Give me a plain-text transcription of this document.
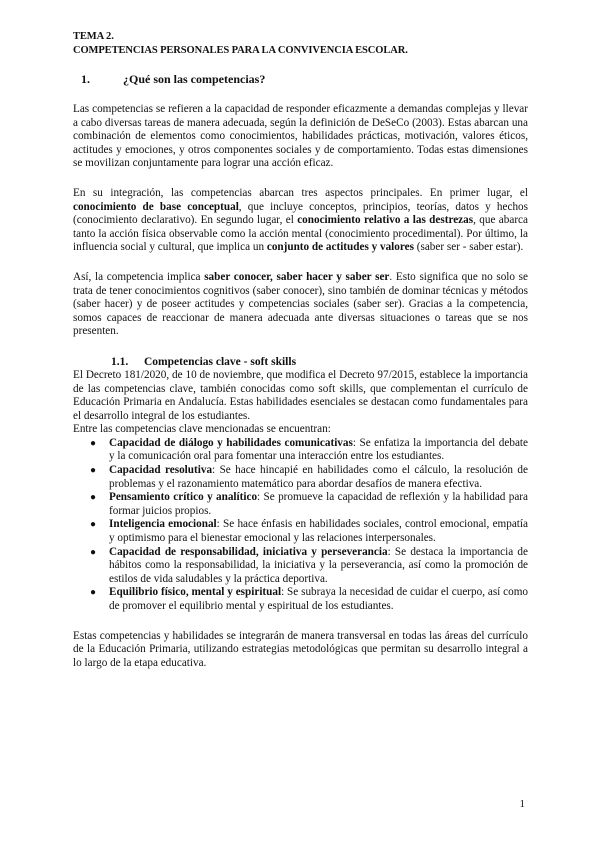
TEMA 2.
COMPETENCIAS PERSONALES PARA LA CONVIVENCIA ESCOLAR.
1.	¿Qué son las competencias?

Las competencias se refieren a la capacidad de responder eficazmente a demandas complejas y llevar a cabo diversas tareas de manera adecuada, según la definición de DeSeCo (2003). Estas abarcan una combinación de elementos como conocimientos, habilidades prácticas, motivación, valores éticos, actitudes y emociones, y otros componentes sociales y de comportamiento. Todas estas dimensiones se movilizan conjuntamente para lograr una acción eficaz.

En su integración, las competencias abarcan tres aspectos principales. En primer lugar, el conocimiento de base conceptual, que incluye conceptos, principios, teorías, datos y hechos (conocimiento declarativo). En segundo lugar, el conocimiento relativo a las destrezas, que abarca tanto la acción física observable como la acción mental (conocimiento procedimental). Por último, la influencia social y cultural, que implica un conjunto de actitudes y valores (saber ser - saber estar).

Así, la competencia implica saber conocer, saber hacer y saber ser. Esto significa que no solo se trata de tener conocimientos cognitivos (saber conocer), sino también de dominar técnicas y métodos (saber hacer) y de poseer actitudes y competencias sociales (saber ser). Gracias a la competencia, somos capaces de reaccionar de manera adecuada ante diversas situaciones o tareas que se nos presenten.

1.1.	Competencias clave - soft skills

El Decreto 181/2020, de 10 de noviembre, que modifica el Decreto 97/2015, establece la importancia de las competencias clave, también conocidas como soft skills, que complementan el currículo de Educación Primaria en Andalucía. Estas habilidades esenciales se destacan como fundamentales para el desarrollo integral de los estudiantes.

Entre las competencias clave mencionadas se encuentran:

● Capacidad de diálogo y habilidades comunicativas: Se enfatiza la importancia del debate y la comunicación oral para fomentar una interacción entre los estudiantes.
● Capacidad resolutiva: Se hace hincapié en habilidades como el cálculo, la resolución de problemas y el razonamiento matemático para abordar desafíos de manera efectiva.
● Pensamiento crítico y analítico: Se promueve la capacidad de reflexión y la habilidad para formar juicios propios.
● Inteligencia emocional: Se hace énfasis en habilidades sociales, control emocional, empatía y optimismo para el bienestar emocional y las relaciones interpersonales.
● Capacidad de responsabilidad, iniciativa y perseverancia: Se destaca la importancia de hábitos como la responsabilidad, la iniciativa y la perseverancia, así como la promoción de estilos de vida saludables y la práctica deportiva.
● Equilibrio físico, mental y espiritual: Se subraya la necesidad de cuidar el cuerpo, así como de promover el equilibrio mental y espiritual de los estudiantes.

Estas competencias y habilidades se integrarán de manera transversal en todas las áreas del currículo de la Educación Primaria, utilizando estrategias metodológicas que permitan su desarrollo integral a lo largo de la etapa educativa.

1
